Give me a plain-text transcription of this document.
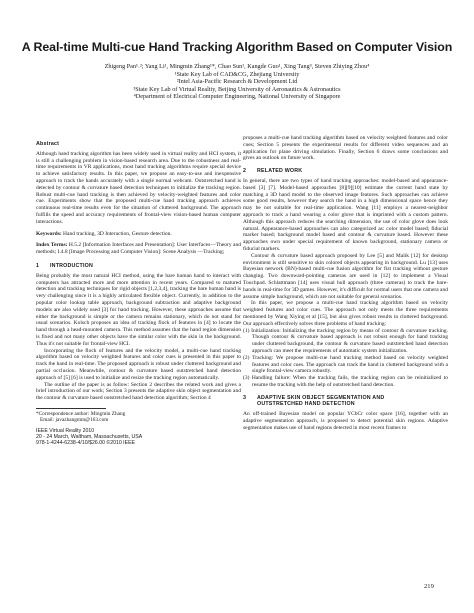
A Real-time Multi-cue Hand Tracking Algorithm Based on Computer Vision
Zhigeng Pan¹˒²; Yang Li¹, Mingmin Zhang¹*, Chao Sun¹, Kangde Guo¹, Xing Tang³, Steven Zhiying Zhou⁴
¹State Key Lab of CAD&CG, Zhejiang University
²Intel Asia-Pacific Research & Development Ltd
³State Key Lab of Virtual Reality, Beijing University of Aeronautics & Astronautics
⁴Department of Electrical Computer Engineering, National University of Singapore
Abstract

Although hand tracking algorithm has been widely used in virtual reality and HCI system, it is still a challenging problem in vision-based research area. Due to the robustness and real-time requirements in VR applications, most hand tracking algorithms require special device to achieve satisfactory results. In this paper, we propose an easy-to-use and inexpensive approach to track the hands accurately with a single normal webcam. Outstretched hand is detected by contour & curvature based detection techniques to initialize the tracking region. Robust multi-cue hand tracking is then achieved by velocity-weighted features and color cue. Experiments show that the proposed multi-cue hand tracking approach achieves continuous real-time results even for the situation of cluttered background. The approach fulfills the speed and accuracy requirements of frontal-view vision-based human computer interactions.

Keywords: Hand tracking, 3D Interaction, Gesture detection.

Index Terms: H.5.2 [Information Interfaces and Presentation]: User Interfaces—Theory and methods; I.4.8 [Image Processing and Computer Vision]: Scene Analysis —Tracking;

1 INTRODUCTION

Being probably the most natural HCI method, using the bare human hand to interact with computers has attracted more and more attention in recent years. Compared to matured detection and tracking techniques for rigid objects [1,2,3,4], tracking the bare human hand is very challenging since it is a highly articulated flexible object. Currently, in addition to the popular color lookup table approach, background subtraction and adaptive background models are also widely used [3] for hand tracking. However, these approaches assume that either the background is simple or the camera remains stationary, which do not stand for usual scenarios. Kolsch proposes an idea of tracking flock of features in [4] to locate the hand through a head-mounted camera. This method assumes that the hand region dimension is fixed and not many other objects have the similar color with the skin in the background. Thus it's not suitable for frontal-view HCI.

Incorporating the flock of features and the velocity model, a multi-cue hand tracking algorithm based on velocity weighted features and color cues is presented in this paper to track the hand in real-time. The proposed approach is robust under cluttered background and partial occlusion. Meanwhile, contour & curvature based outstretched hand detection approach of [5] [6] is used to initialize and resize the tracking region automatically.

The outline of the paper is as follow: Section 2 describes the related work and gives a brief introduction of our work; Section 3 presents the adaptive skin object segmentation and the contour & curvature based outstretched hand detection algorithm; Section 4

*Correspondence author: Mingmin Zhang
Email: javazhangmm@163.com
IEEE Virtual Reality 2010
20 - 24 March, Waltham, Massachusetts, USA
978-1-4244-6238-4/10/$26.00 ©2010 IEEE

proposes a multi-cue hand tracking algorithm based on velocity weighted features and color cues; Section 5 presents the experimental results for different video sequences and an application for plane driving simulation. Finally, Section 6 draws some conclusions and gives an outlook on future work.

2 RELATED WORK

In general, there are two types of hand tracking approaches: model-based and appearance-based [3] [7]. Model-based approaches [8][9][10] estimate the current hand state by matching a 3D hand model to the observed image features. Such approaches can achieve some good results, however they search the hand in a high dimensional space hence they may be not suitable for real-time application. Wang [11] employs a nearest-neighbor approach to track a hand wearing a color glove that is imprinted with a custom pattern. Although this approach reduces the searching dimension, the use of color glove does look natural. Appearance-based approaches can also categorized as: color model based; fiducial marker based; background model based and contour & curvature based. However these approaches own under special requirement of known background, stationary camera or fiducial markers.

Contour & curvature based approach proposed by Lee [5] and Malik [12] for desktop environment is still sensitive to skin colored objects appearing in background. Lu [13] uses Bayesian network (BN)-based multi-cue fusion algorithm for fist tracking without gesture changing. Two downward-pointing cameras are used in [12] to implement a Visual Touchpad. Schlattmann [14] uses visual hull approach (three cameras) to track the bare-hands in real-time for 3D games. However, it's difficult for normal users that one camera and assume simple background, which are not suitable for general scenarios.

In this paper, we propose a multi-cue hand tracking algorithm based on velocity weighted features and color cues. The approach not only meets the three requirements mentioned by Wang Xiying et al [15], but also gives robust results in cluttered background. Our approach effectively solves three problems of hand tracking:

(1) Initialization: Initializing the tracking region by means of contour & curvature tracking. Though contour & curvature based approach is not robust enough for hand tracking under cluttered background, the contour & curvature based outstretched hand detection approach can meet the requirements of automatic system initialization.
(2) Tracking: We propose multi-cue hand tracking method based on velocity weighted features and color cues. The approach can track the hand in cluttered background with a single frontal-view camera robustly.
(3) Handling failure: When the tracking fails, the tracking region can be reinitialized to resume the tracking with the help of outstretched hand detection.
3 ADAPTIVE SKIN OBJECT SEGMENTATION AND
OUTSTRETCHED HAND DETECTION

An off-trained Bayesian model on popular YCbCr color space [16], together with an adaptive segmentation approach, is proposed to detect potential skin regions. Adaptive segmentation makes use of hand regions detected in most recent frames to

219
